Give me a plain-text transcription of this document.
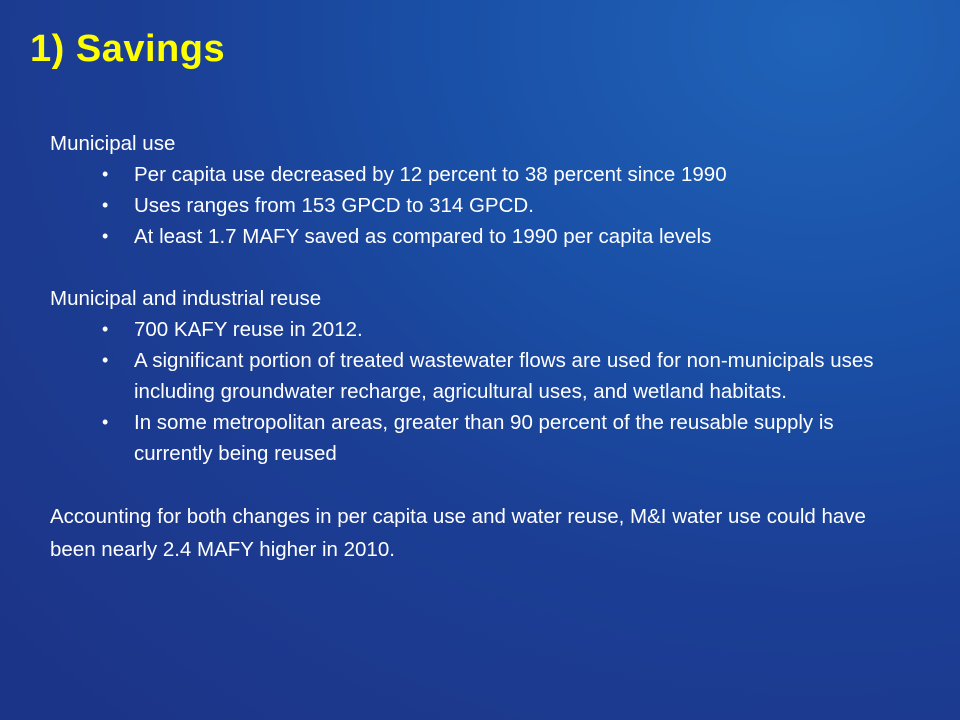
1) Savings

Municipal use

• Per capita use decreased by 12 percent to 38 percent since 1990
• Uses ranges from 153 GPCD to 314 GPCD.
• At least 1.7 MAFY saved as compared to 1990 per capita levels

Municipal and industrial reuse

• 700 KAFY reuse in 2012.
• A significant portion of treated wastewater flows are used for non-municipals uses including groundwater recharge, agricultural uses, and wetland habitats.
• In some metropolitan areas, greater than 90 percent of the reusable supply is currently being reused

Accounting for both changes in per capita use and water reuse, M&I water use could have been nearly 2.4 MAFY higher in 2010.
